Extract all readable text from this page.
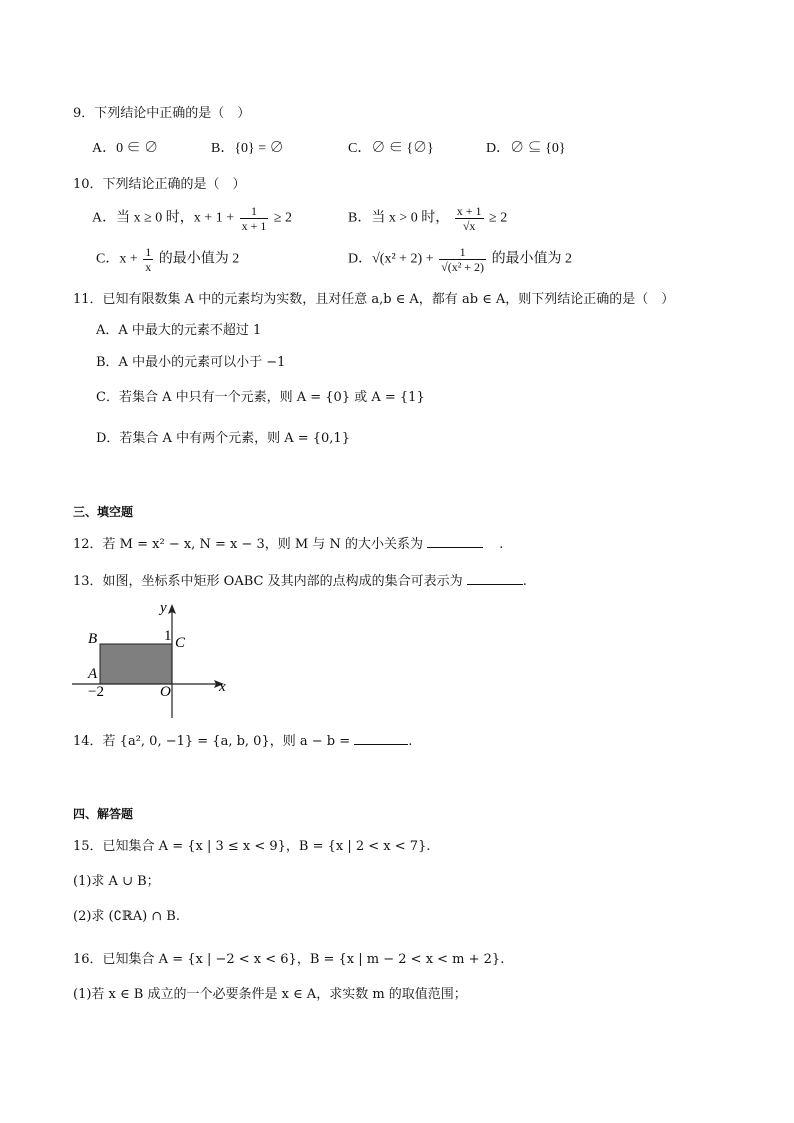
9．下列结论中正确的是（　）
A．0 ∈ ∅	B．{0} = ∅	C．∅ ∈ {∅}	D．∅ ⊆ {0}
10．下列结论正确的是（　）
A．当 x ≥ 0 时，$x + 1 + \frac{1}{x + 1} \ge 2$	B．当 x > 0 时， $\frac{x + 1}{√x} \ge 2$
C．$x + \frac{1}{x}$ 的最小值为 2	D．$√(x^2 + 2) + \frac{1}{\text{√(x² + 2)}}$ 的最小值为 2
11．已知有限数集 A 中的元素均为实数，且对任意 a,b ∈ A，都有 ab ∈ A，则下列结论正确的是（　）
A．A 中最大的元素不超过 1
B．A 中最小的元素可以小于 −1
C．若集合 A 中只有一个元素，则 A = {0} 或 A = {1}
D．若集合 A 中有两个元素，则 A = {0,1}
三、填空题
12．若 M = x² − x, N = x − 3，则 M 与 N 的大小关系为	.
13．如图，坐标系中矩形 OABC 及其内部的点构成的集合可表示为	.
y
x
B	C
1
A
O
−2
14．若 {a², 0, −1} = {a, b, 0}，则 a − b =	.
四、解答题
15．已知集合 A = {x | 3 ≤ x < 9}，B = {x | 2 < x < 7}.
(1)求 A ∪ B；
(2)求 (∁ℝA) ∩ B.
16．已知集合 A = {x | −2 < x < 6}，B = {x | m − 2 < x < m + 2}.
(1)若 x ∈ B 成立的一个必要条件是 x ∈ A，求实数 m 的取值范围；
